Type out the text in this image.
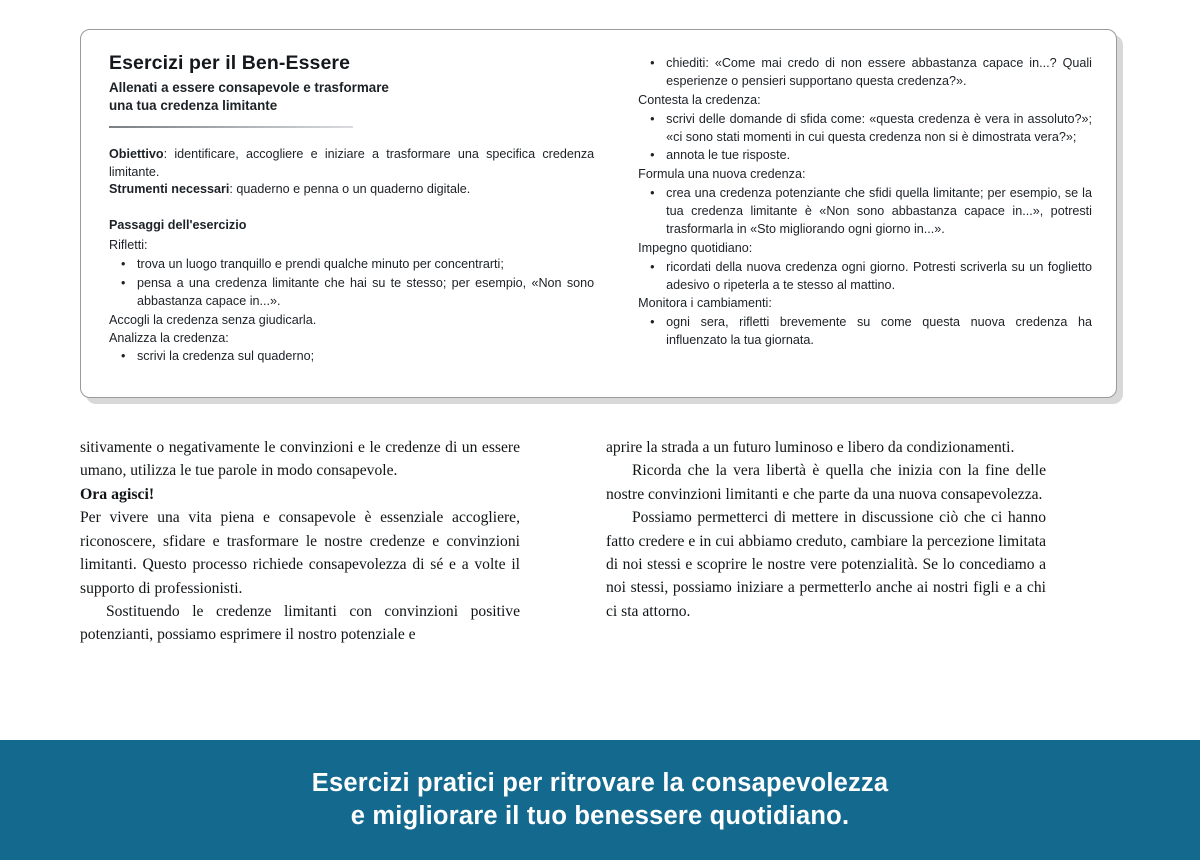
Esercizi per il Ben-Essere
Allenati a essere consapevole e trasformare
una tua credenza limitante

Obiettivo: identificare, accogliere e iniziare a trasformare una specifica credenza limitante.

Strumenti necessari: quaderno e penna o un quaderno digitale.

Passaggi dell'esercizio

Rifletti:

• trova un luogo tranquillo e prendi qualche minuto per concentrarti;
• pensa a una credenza limitante che hai su te stesso; per esempio, «Non sono abbastanza capace in...».

Accogli la credenza senza giudicarla.

Analizza la credenza:

• scrivi la credenza sul quaderno;
• chiediti: «Come mai credo di non essere abbastanza capace in...? Quali esperienze o pensieri supportano questa credenza?».

Contesta la credenza:

• scrivi delle domande di sfida come: «questa credenza è vera in assoluto?»; «ci sono stati momenti in cui questa credenza non si è dimostrata vera?»;
• annota le tue risposte.

Formula una nuova credenza:

• crea una credenza potenziante che sfidi quella limitante; per esempio, se la tua credenza limitante è «Non sono abbastanza capace in...», potresti trasformarla in «Sto migliorando ogni giorno in...».

Impegno quotidiano:

• ricordati della nuova credenza ogni giorno. Potresti scriverla su un foglietto adesivo o ripeterla a te stesso al mattino.

Monitora i cambiamenti:

• ogni sera, rifletti brevemente su come questa nuova credenza ha influenzato la tua giornata.

sitivamente o negativamente le convinzioni e le credenze di un essere umano, utilizza le tue parole in modo consapevole.

Ora agisci!

Per vivere una vita piena e consapevole è essenziale accogliere, riconoscere, sfidare e trasformare le nostre credenze e convinzioni limitanti. Questo processo richiede consapevolezza di sé e a volte il supporto di professionisti.

Sostituendo le credenze limitanti con convinzioni positive potenzianti, possiamo esprimere il nostro potenziale e

aprire la strada a un futuro luminoso e libero da condizionamenti.

Ricorda che la vera libertà è quella che inizia con la fine delle nostre convinzioni limitanti e che parte da una nuova consapevolezza.

Possiamo permetterci di mettere in discussione ciò che ci hanno fatto credere e in cui abbiamo creduto, cambiare la percezione limitata di noi stessi e scoprire le nostre vere potenzialità. Se lo concediamo a noi stessi, possiamo iniziare a permetterlo anche ai nostri figli e a chi ci sta attorno.

Esercizi pratici per ritrovare la consapevolezza
e migliorare il tuo benessere quotidiano.
